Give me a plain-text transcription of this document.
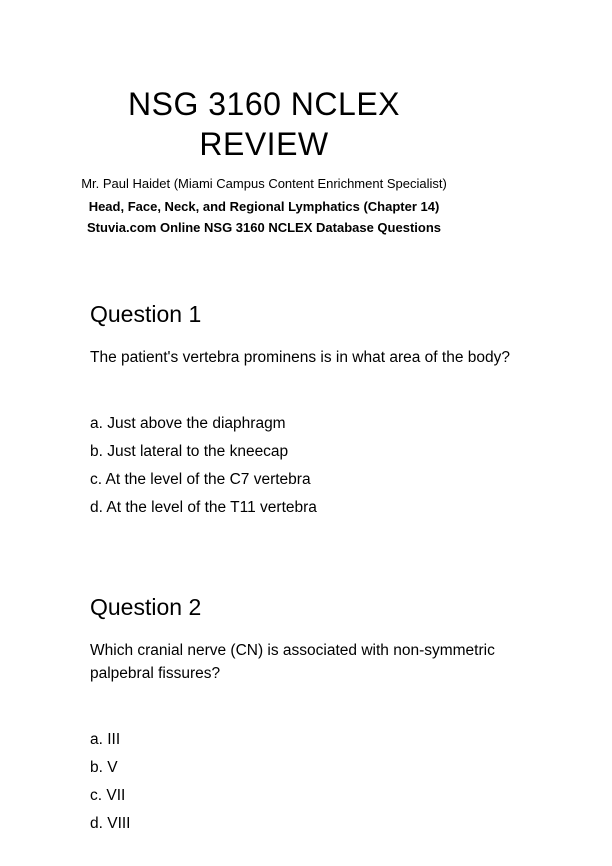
NSG 3160 NCLEX REVIEW

Mr. Paul Haidet (Miami Campus Content Enrichment Specialist)

Head, Face, Neck, and Regional Lymphatics (Chapter 14)

Stuvia.com Online NSG 3160 NCLEX Database Questions

Question 1

The patient's vertebra prominens is in what area of the body?

a. Just above the diaphragm
b. Just lateral to the kneecap
c. At the level of the C7 vertebra
d. At the level of the T11 vertebra
Question 2

Which cranial nerve (CN) is associated with non-symmetric palpebral fissures?

a. III
b. V
c. VII
d. VIII
